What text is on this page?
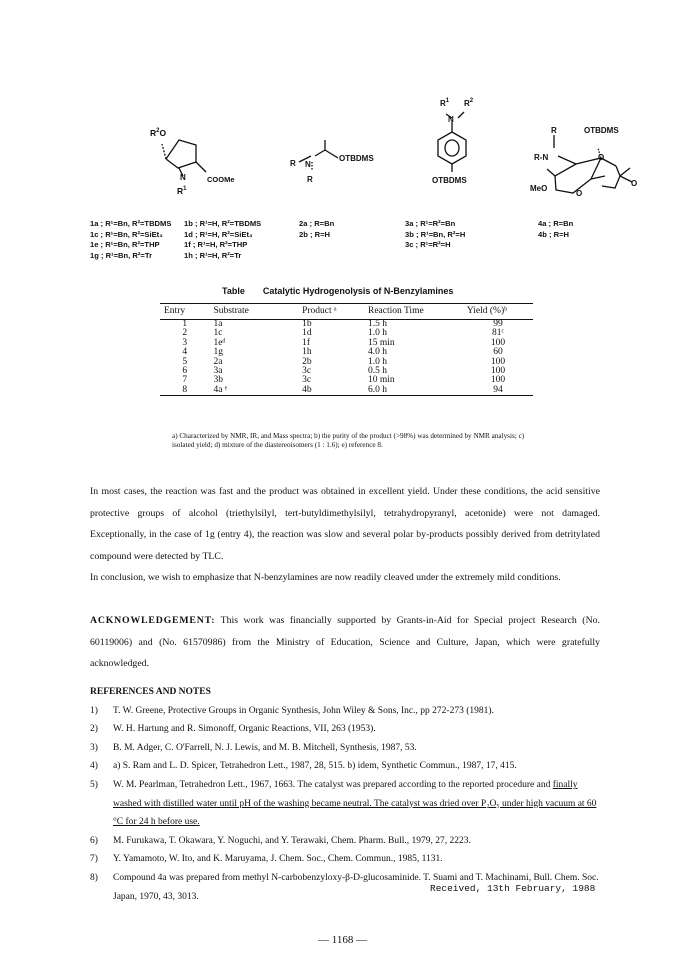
$R^2O$
N
$R^1$
COOMe
R N
R
OTBDMS
$R^1$ $R^2$
N
OTBDMS
R	OTBDMS
R-N	O
MeO
O
O
1a ; R¹=Bn, R²=TBDMS
1c ; R¹=Bn, R²=SiEt₃
1e ; R¹=Bn, R²=THP
1g ; R¹=Bn, R²=Tr
1b ; R¹=H, R²=TBDMS
1d ; R¹=H, R²=SiEt₃
1f ; R¹=H, R²=THP
1h ; R¹=H, R²=Tr
2a ; R=Bn
2b ; R=H
3a ; R¹=R²=Bn
3b ; R¹=Bn, R²=H
3c ; R¹=R²=H
4a ; R=Bn
4b ; R=H
Table Catalytic Hydrogenolysis of N-Benzylamines
Entry	Substrate	Product ᵃ	Reaction Time	Yield (%)ᵇ
1	1a	1b	1.5 h	99
2	1c	1d	1.0 h	81ᶜ
3	1eᵈ	1f	15 min	100
4	1g	1h	4.0 h	60
5	2a	2b	1.0 h	100
6	3a	3c	0.5 h	100
7	3b	3c	10 min	100
8	4a ᵉ	4b	6.0 h	94
a) Characterized by NMR, IR, and Mass spectra; b) the purity of the product (>98%) was determined by NMR analysis; c) isolated yield; d) mixture of the diastereoisomers (1 : 1.6); e) reference 8.
In most cases, the reaction was fast and the product was obtained in excellent yield. Under these conditions, the acid sensitive protective groups of alcohol (triethylsilyl, tert-butyldimethylsilyl, tetrahydropyranyl, acetonide) were not damaged. Exceptionally, in the case of 1g (entry 4), the reaction was slow and several polar by-products possibly derived from detritylated compound were detected by TLC.
In conclusion, we wish to emphasize that N-benzylamines are now readily cleaved under the extremely mild conditions.
ACKNOWLEDGEMENT: This work was financially supported by Grants-in-Aid for Special project Research (No. 60119006) and (No. 61570986) from the Ministry of Education, Science and Culture, Japan, which were gratefully acknowledged.
REFERENCES AND NOTES
1)	T. W. Greene, Protective Groups in Organic Synthesis, John Wiley & Sons, Inc., pp 272-273 (1981).
2)	W. H. Hartung and R. Simonoff, Organic Reactions, VII, 263 (1953).
3)	B. M. Adger, C. O'Farrell, N. J. Lewis, and M. B. Mitchell, Synthesis, 1987, 53.
4)	a) S. Ram and L. D. Spicer, Tetrahedron Lett., 1987, 28, 515. b) idem, Synthetic Commun., 1987, 17, 415.
5)	W. M. Pearlman, Tetrahedron Lett., 1967, 1663. The catalyst was prepared according to the reported procedure and finally washed with distilled water until pH of the washing became neutral. The catalyst was dried over P₂O₅ under high vacuum at 60 °C for 24 h before use.
6)	M. Furukawa, T. Okawara, Y. Noguchi, and Y. Terawaki, Chem. Pharm. Bull., 1979, 27, 2223.
7)	Y. Yamamoto, W. Ito, and K. Maruyama, J. Chem. Soc., Chem. Commun., 1985, 1131.
8)	Compound 4a was prepared from methyl N-carbobenzyloxy-β-D-glucosaminide. T. Suami and T. Machinami, Bull. Chem. Soc. Japan, 1970, 43, 3013.
Received, 13th February, 1988
— 1168 —
